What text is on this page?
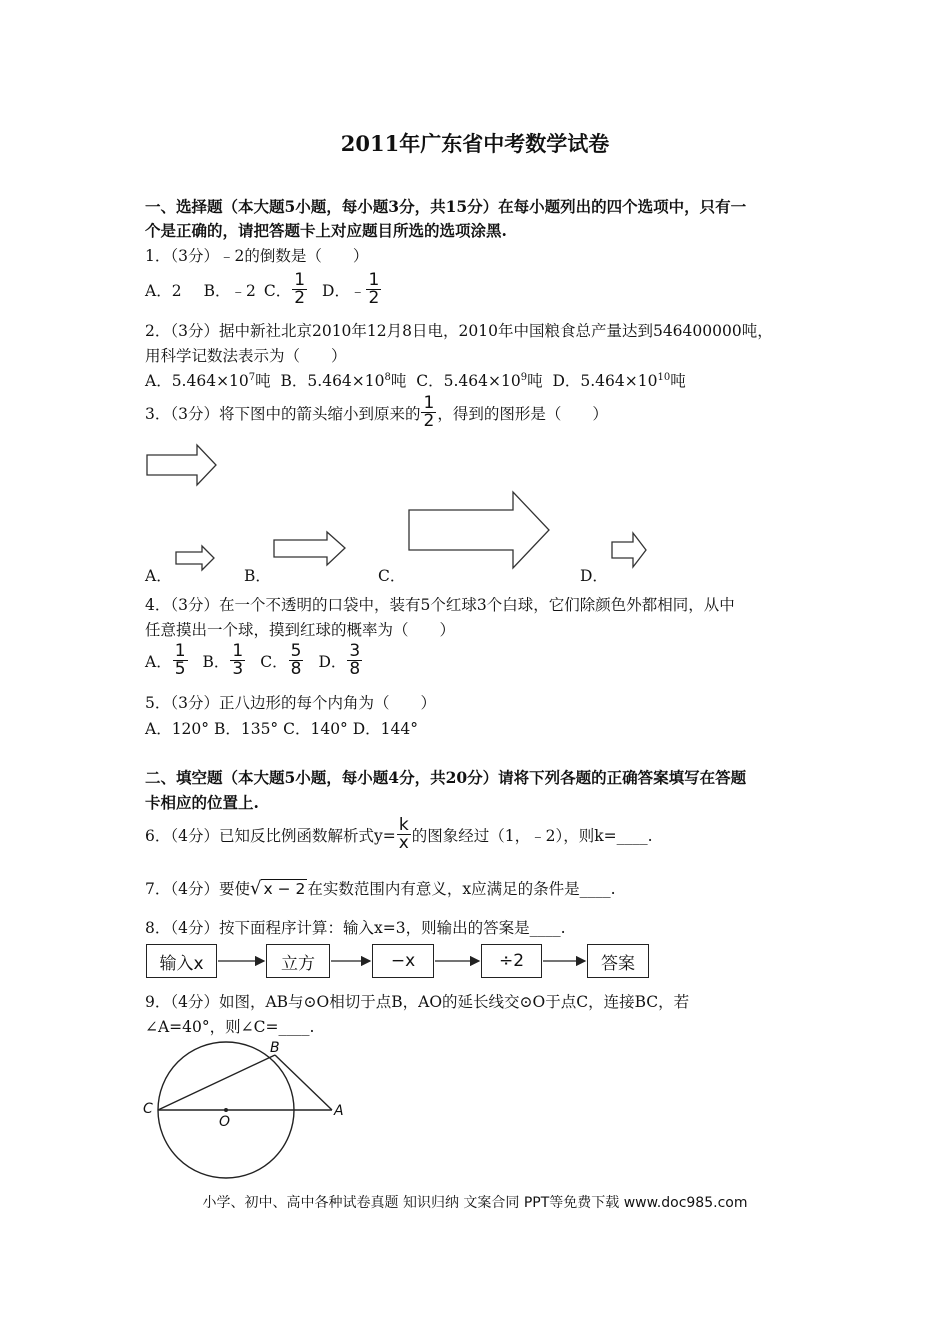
2011年广东省中考数学试卷
一、选择题（本大题5小题，每小题3分，共15分）在每小题列出的四个选项中，只有一
个是正确的，请把答题卡上对应题目所选的选项涂黑.
1．（3分）﹣2的倒数是（　　）
A．2 B．﹣2 C． $\frac{1}{2}$ D．﹣ $\frac{1}{2}$
2．（3分）据中新社北京2010年12月8日电，2010年中国粮食总产量达到546400000吨，
用科学记数法表示为（　　）
A．$5.464\times 10^7$吨 B．$5.464\times 10^8$吨 C．$5.464\times 10^9$吨 D．$5.464\times 10^{10}$吨
3．（3分）将下图中的箭头缩小到原来的 $\frac{1}{2}$ ，得到的图形是（　　）
A．	B．	C．	D．
4．（3分）在一个不透明的口袋中，装有5个红球3个白球，它们除颜色外都相同，从中
任意摸出一个球，摸到红球的概率为（　　）
A． $\frac{1}{5}$ B． $\frac{1}{3}$ C． $\frac{5}{8}$ D． $\frac{3}{8}$
5．（3分）正八边形的每个内角为（　　）
A．120° B．135° C．140° D．144°
二、填空题（本大题5小题，每小题4分，共20分）请将下列各题的正确答案填写在答题
卡相应的位置上.
6．（4分）已知反比例函数解析式$y= \frac{k}{x}$ 的图象经过（1，﹣2），则k=____.
7．（4分）要使 √ x − 2 在实数范围内有意义，x应满足的条件是____.
8．（4分）按下面程序计算：输入x=3，则输出的答案是____.
输入x	立方	−x	÷2	答案
9．（4分）如图，AB与⊙O相切于点B，AO的延长线交⊙O于点C，连接BC，若
∠A=40°，则∠C=____.
B
C
O
A
小学、初中、高中各种试卷真题 知识归纳 文案合同 PPT等免费下载 www.doc985.com
